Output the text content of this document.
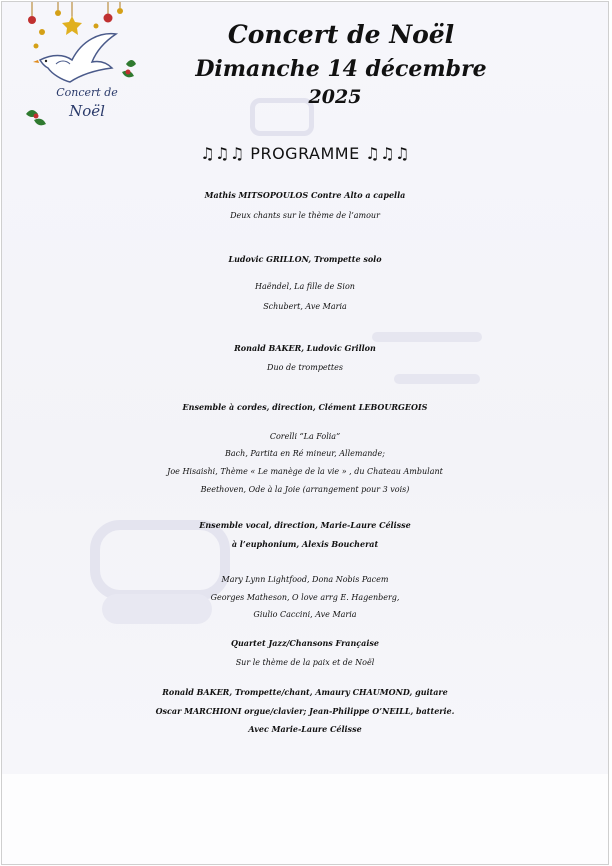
Concert de
Noël
Concert de Noël
Dimanche 14 décembre
2025
♫♫♫ PROGRAMME ♫♫♫
Mathis MITSOPOULOS Contre Alto a capella
Deux chants sur le thème de l’amour
Ludovic GRILLON, Trompette solo
Haëndel, La fille de Sion
Schubert, Ave Maria
Ronald BAKER, Ludovic Grillon
Duo de trompettes
Ensemble à cordes, direction, Clément LEBOURGEOIS
Corelli “La Folia”
Bach, Partita en Ré mineur, Allemande;
Joe Hisaishi, Thème « Le manège de la vie » , du Chateau Ambulant
Beethoven, Ode à la Joie (arrangement pour 3 vois)
Ensemble vocal, direction, Marie-Laure Célisse
à l’euphonium, Alexis Boucherat
Mary Lynn Lightfood, Dona Nobis Pacem
Georges Matheson, O love arrg E. Hagenberg,
Giulio Caccini, Ave Maria
Quartet Jazz/Chansons Française
Sur le thème de la paix et de Noël
Ronald BAKER, Trompette/chant, Amaury CHAUMOND, guitare
Oscar MARCHIONI orgue/clavier; Jean-Philippe O’NEILL, batterie.
Avec Marie-Laure Célisse
